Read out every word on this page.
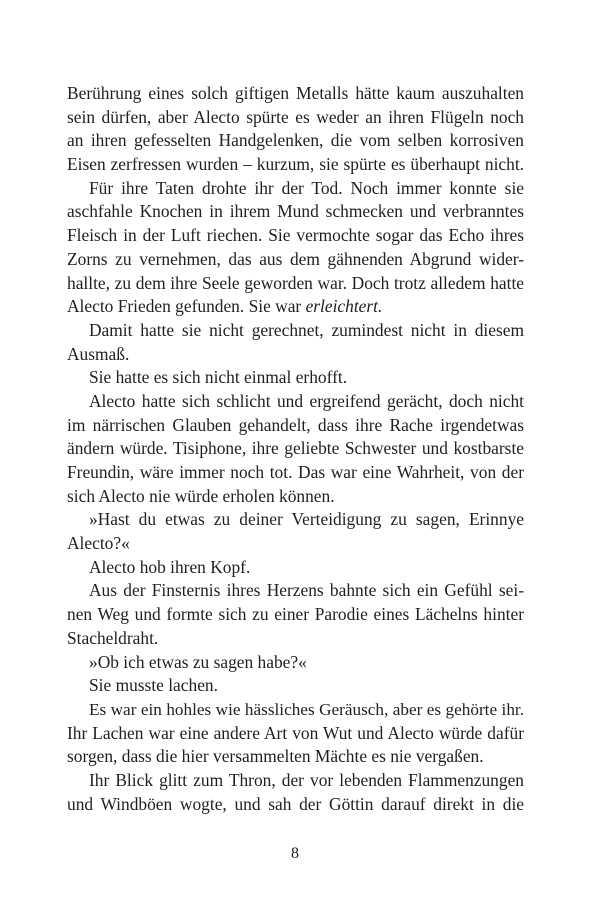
Berührung eines solch giftigen Metalls hätte kaum auszuhalten
sein dürfen, aber Alecto spürte es weder an ihren Flügeln noch
an ihren gefesselten Handgelenken, die vom selben korrosiven
Eisen zerfressen wurden – kurzum, sie spürte es überhaupt nicht.
Für ihre Taten drohte ihr der Tod. Noch immer konnte sie
aschfahle Knochen in ihrem Mund schmecken und verbranntes
Fleisch in der Luft riechen. Sie vermochte sogar das Echo ihres
Zorns zu vernehmen, das aus dem gähnenden Abgrund wider-
hallte, zu dem ihre Seele geworden war. Doch trotz alledem hatte
Alecto Frieden gefunden. Sie war erleichtert.
Damit hatte sie nicht gerechnet, zumindest nicht in diesem
Ausmaß.
Sie hatte es sich nicht einmal erhofft.
Alecto hatte sich schlicht und ergreifend gerächt, doch nicht
im närrischen Glauben gehandelt, dass ihre Rache irgendetwas
ändern würde. Tisiphone, ihre geliebte Schwester und kostbarste
Freundin, wäre immer noch tot. Das war eine Wahrheit, von der
sich Alecto nie würde erholen können.
»Hast du etwas zu deiner Verteidigung zu sagen, Erinnye
Alecto?«
Alecto hob ihren Kopf.
Aus der Finsternis ihres Herzens bahnte sich ein Gefühl sei-
nen Weg und formte sich zu einer Parodie eines Lächelns hinter
Stacheldraht.
»Ob ich etwas zu sagen habe?«
Sie musste lachen.
Es war ein hohles wie hässliches Geräusch, aber es gehörte ihr.
Ihr Lachen war eine andere Art von Wut und Alecto würde dafür
sorgen, dass die hier versammelten Mächte es nie vergaßen.
Ihr Blick glitt zum Thron, der vor lebenden Flammenzungen
und Windböen wogte, und sah der Göttin darauf direkt in die
8
